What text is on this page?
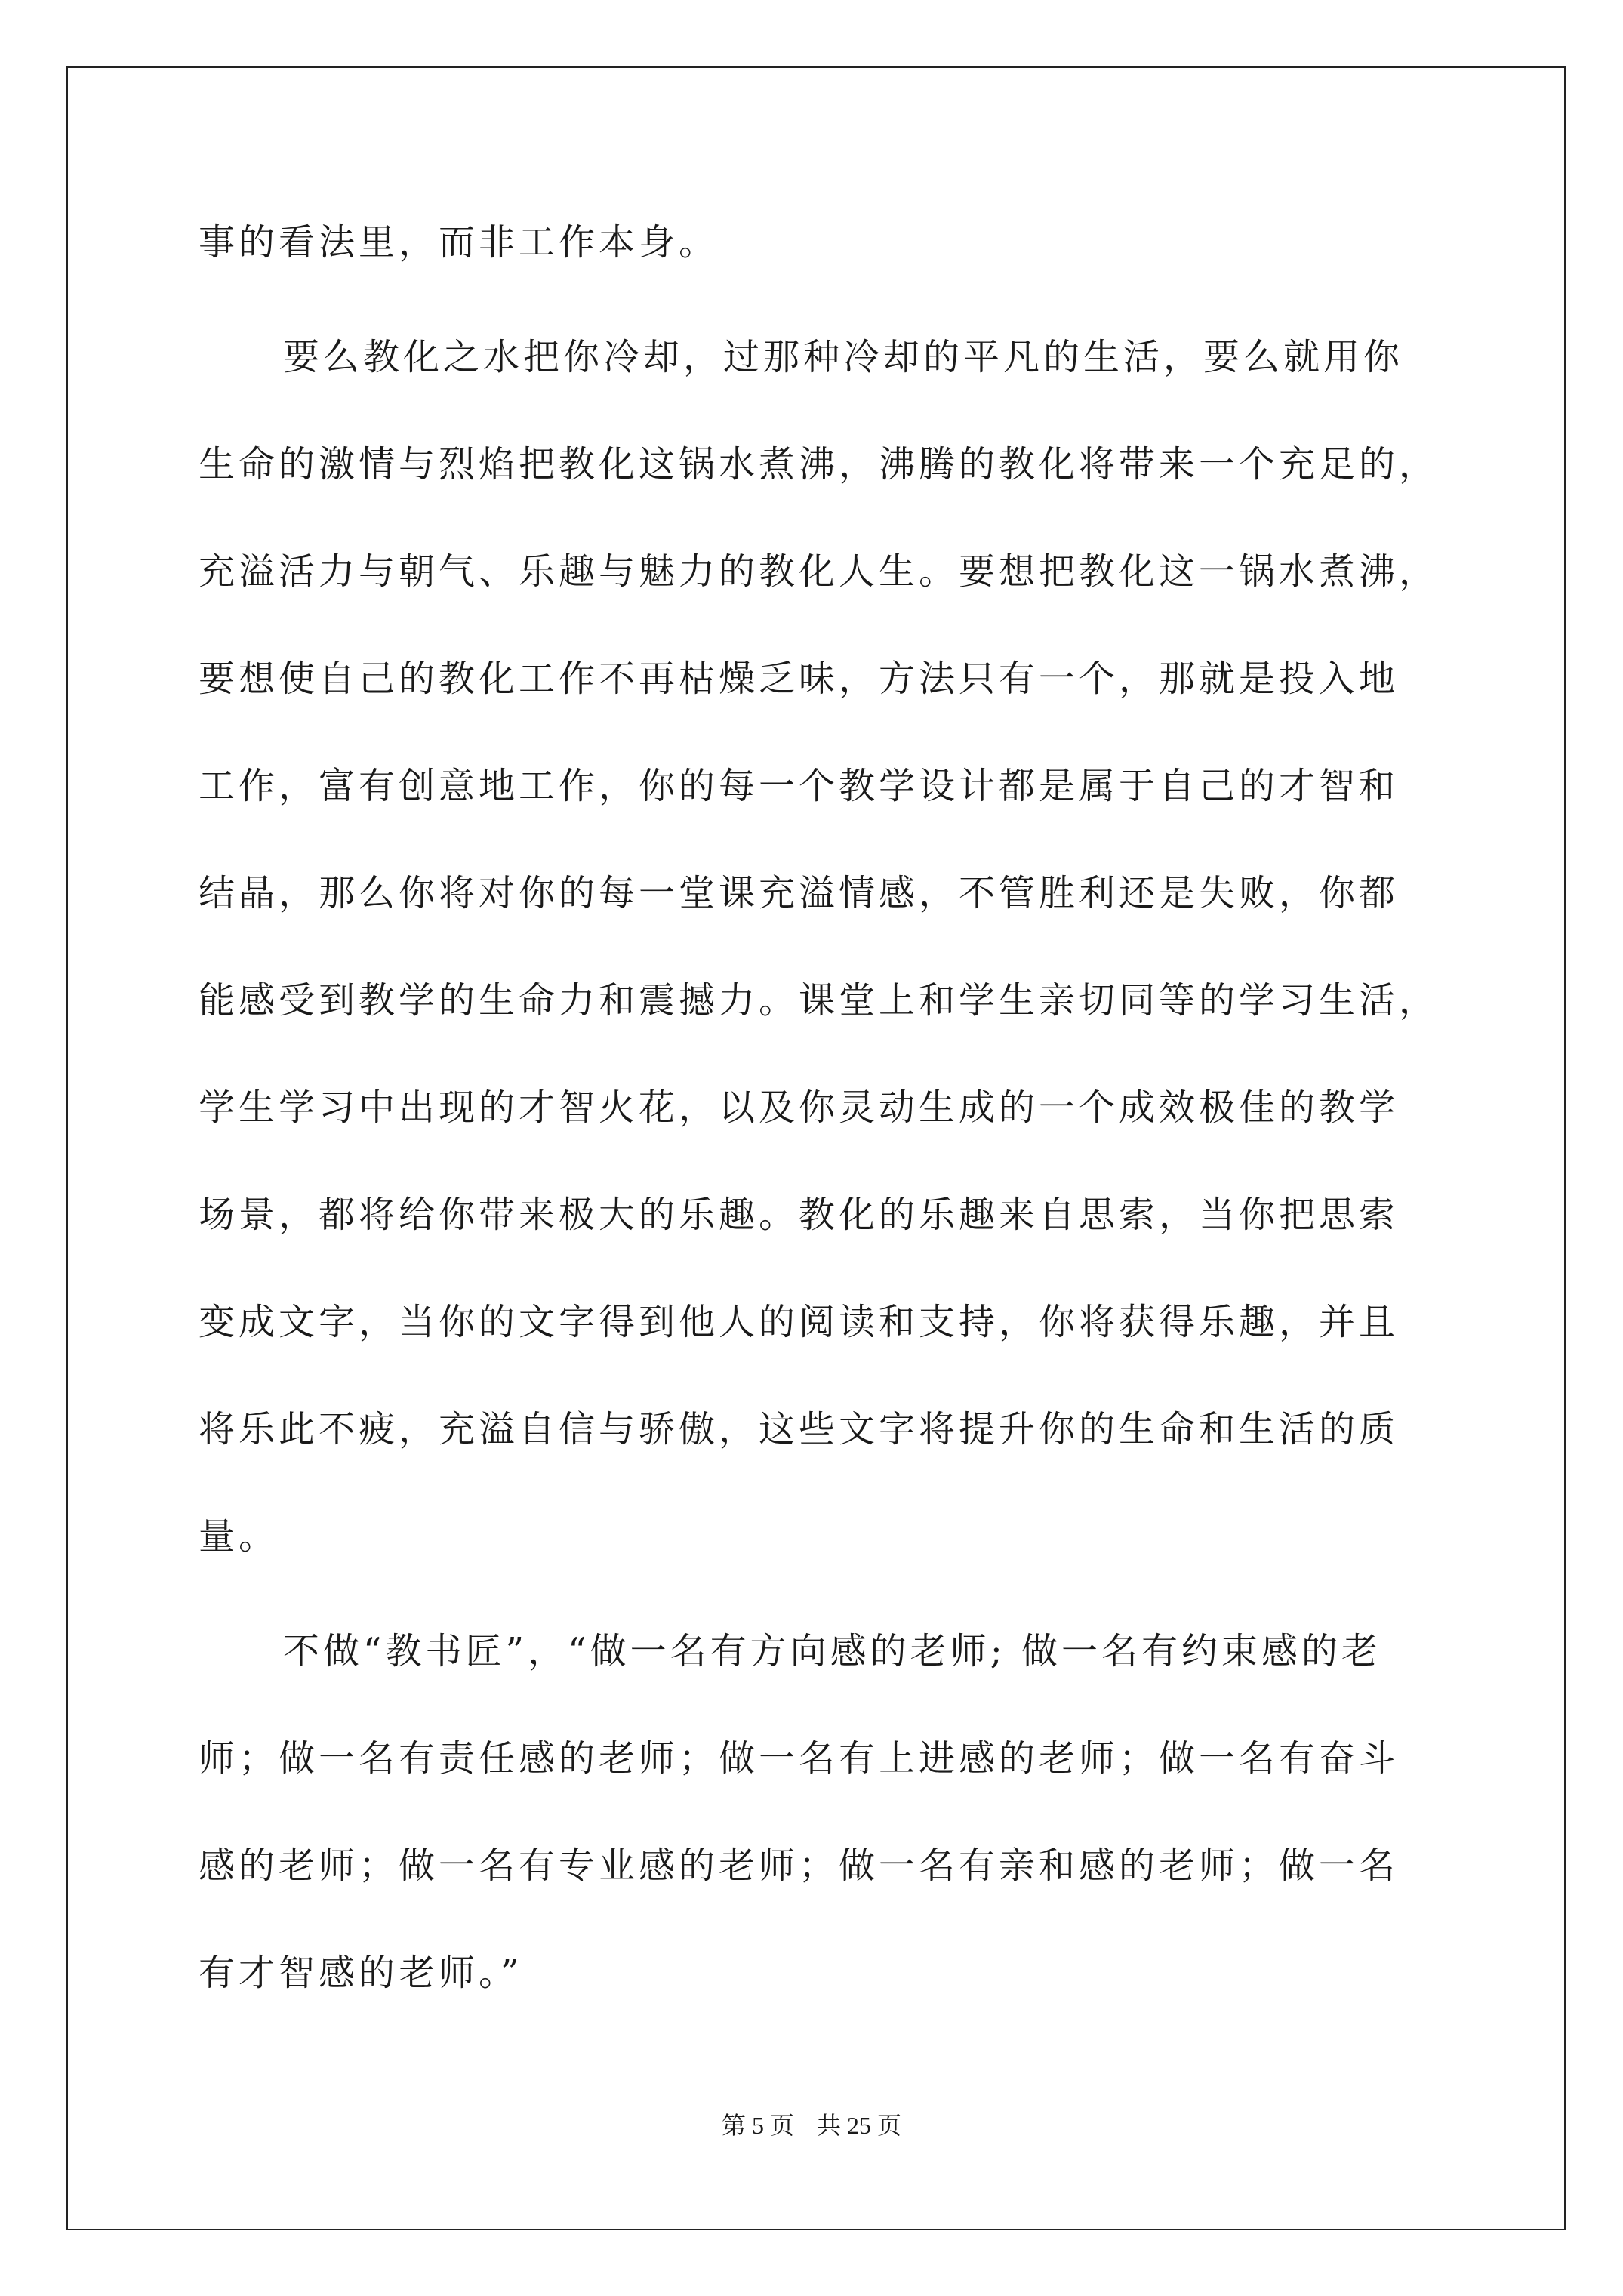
事的看法里，而非工作本身。

要么教化之水把你冷却，过那种冷却的平凡的生活，要么就用你

生命的激情与烈焰把教化这锅水煮沸，沸腾的教化将带来一个充足的，

充溢活力与朝气、乐趣与魅力的教化人生。要想把教化这一锅水煮沸，

要想使自己的教化工作不再枯燥乏味，方法只有一个，那就是投入地

工作，富有创意地工作，你的每一个教学设计都是属于自己的才智和

结晶，那么你将对你的每一堂课充溢情感，不管胜利还是失败，你都

能感受到教学的生命力和震撼力。课堂上和学生亲切同等的学习生活，

学生学习中出现的才智火花，以及你灵动生成的一个成效极佳的教学

场景，都将给你带来极大的乐趣。教化的乐趣来自思索，当你把思索

变成文字，当你的文字得到他人的阅读和支持，你将获得乐趣，并且

将乐此不疲，充溢自信与骄傲，这些文字将提升你的生命和生活的质

量。

不做“教书匠”，“做一名有方向感的老师; 做一名有约束感的老

师；做一名有责任感的老师；做一名有上进感的老师；做一名有奋斗

感的老师；做一名有专业感的老师；做一名有亲和感的老师；做一名

有才智感的老师。”

第 5 页 共 25 页
